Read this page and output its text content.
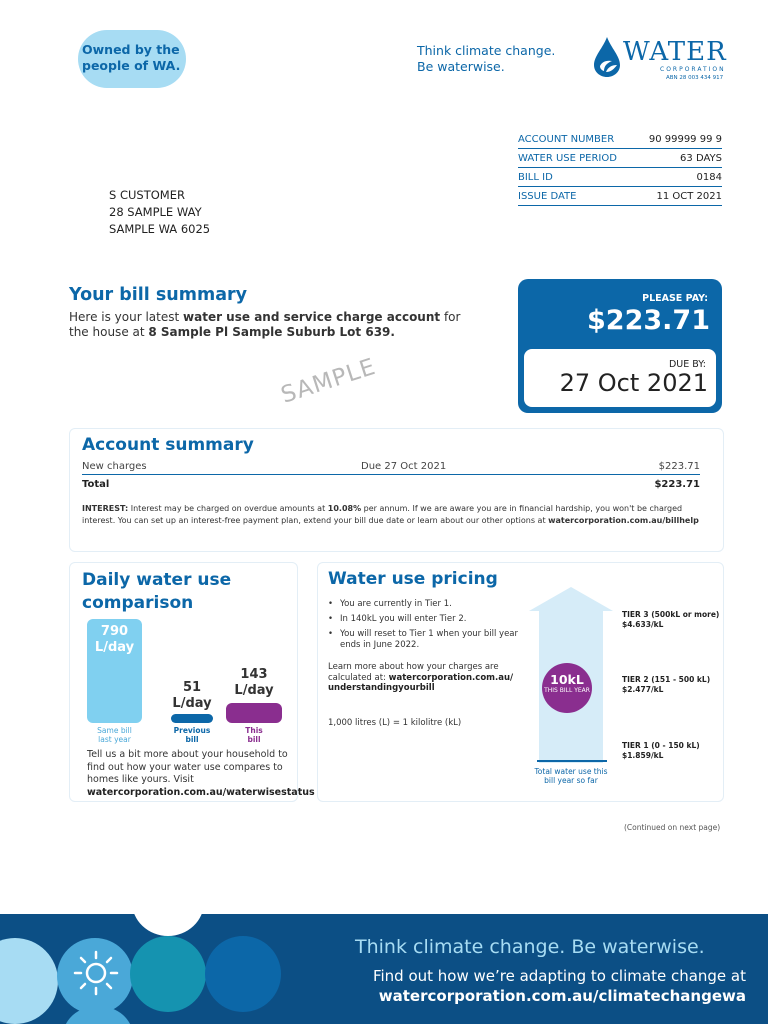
Owned by the
people of WA.
Think climate change.
Be waterwise.	WATER
CORPORATION
ABN 28 003 434 917
ACCOUNT NUMBER	90 99999 99 9
WATER USE PERIOD	63 DAYS
BILL ID	0184
ISSUE DATE	11 OCT 2021
S CUSTOMER
28 SAMPLE WAY
SAMPLE WA 6025
Your bill summary
Here is your latest water use and service charge account for the house at 8 Sample Pl Sample Suburb Lot 639.
PLEASE PAY:
$223.71
DUE BY:
27 Oct 2021
SAMPLE
Account summary
New charges	Due 27 Oct 2021	$223.71
Total	$223.71
INTEREST: Interest may be charged on overdue amounts at 10.08% per annum. If we are aware you are in financial hardship, you won't be charged interest. You can set up an interest-free payment plan, extend your bill due date or learn about our other options at watercorporation.com.au/billhelp
Daily water use comparison
790
L/day
51
L/day
143
L/day
Same bill
last year
Previous
bill
This
bill
Tell us a bit more about your household to find out how your water use compares to homes like yours. Visit watercorporation.com.au/waterwisestatus
Water use pricing
• You are currently in Tier 1.
• In 140kL you will enter Tier 2.
• You will reset to Tier 1 when your bill year ends in June 2022.
Learn more about how your charges are calculated at: watercorporation.com.au/ understandingyourbill
1,000 litres (L) = 1 kilolitre (kL)
10kL
THIS BILL YEAR
Total water use this bill year so far
TIER 3 (500kL or more)
$4.633/kL
TIER 2 (151 - 500 kL)
$2.477/kL
TIER 1 (0 - 150 kL)
$1.859/kL
(Continued on next page)
Think climate change. Be waterwise.
Find out how we’re adapting to climate change at
watercorporation.com.au/climatechangewa
